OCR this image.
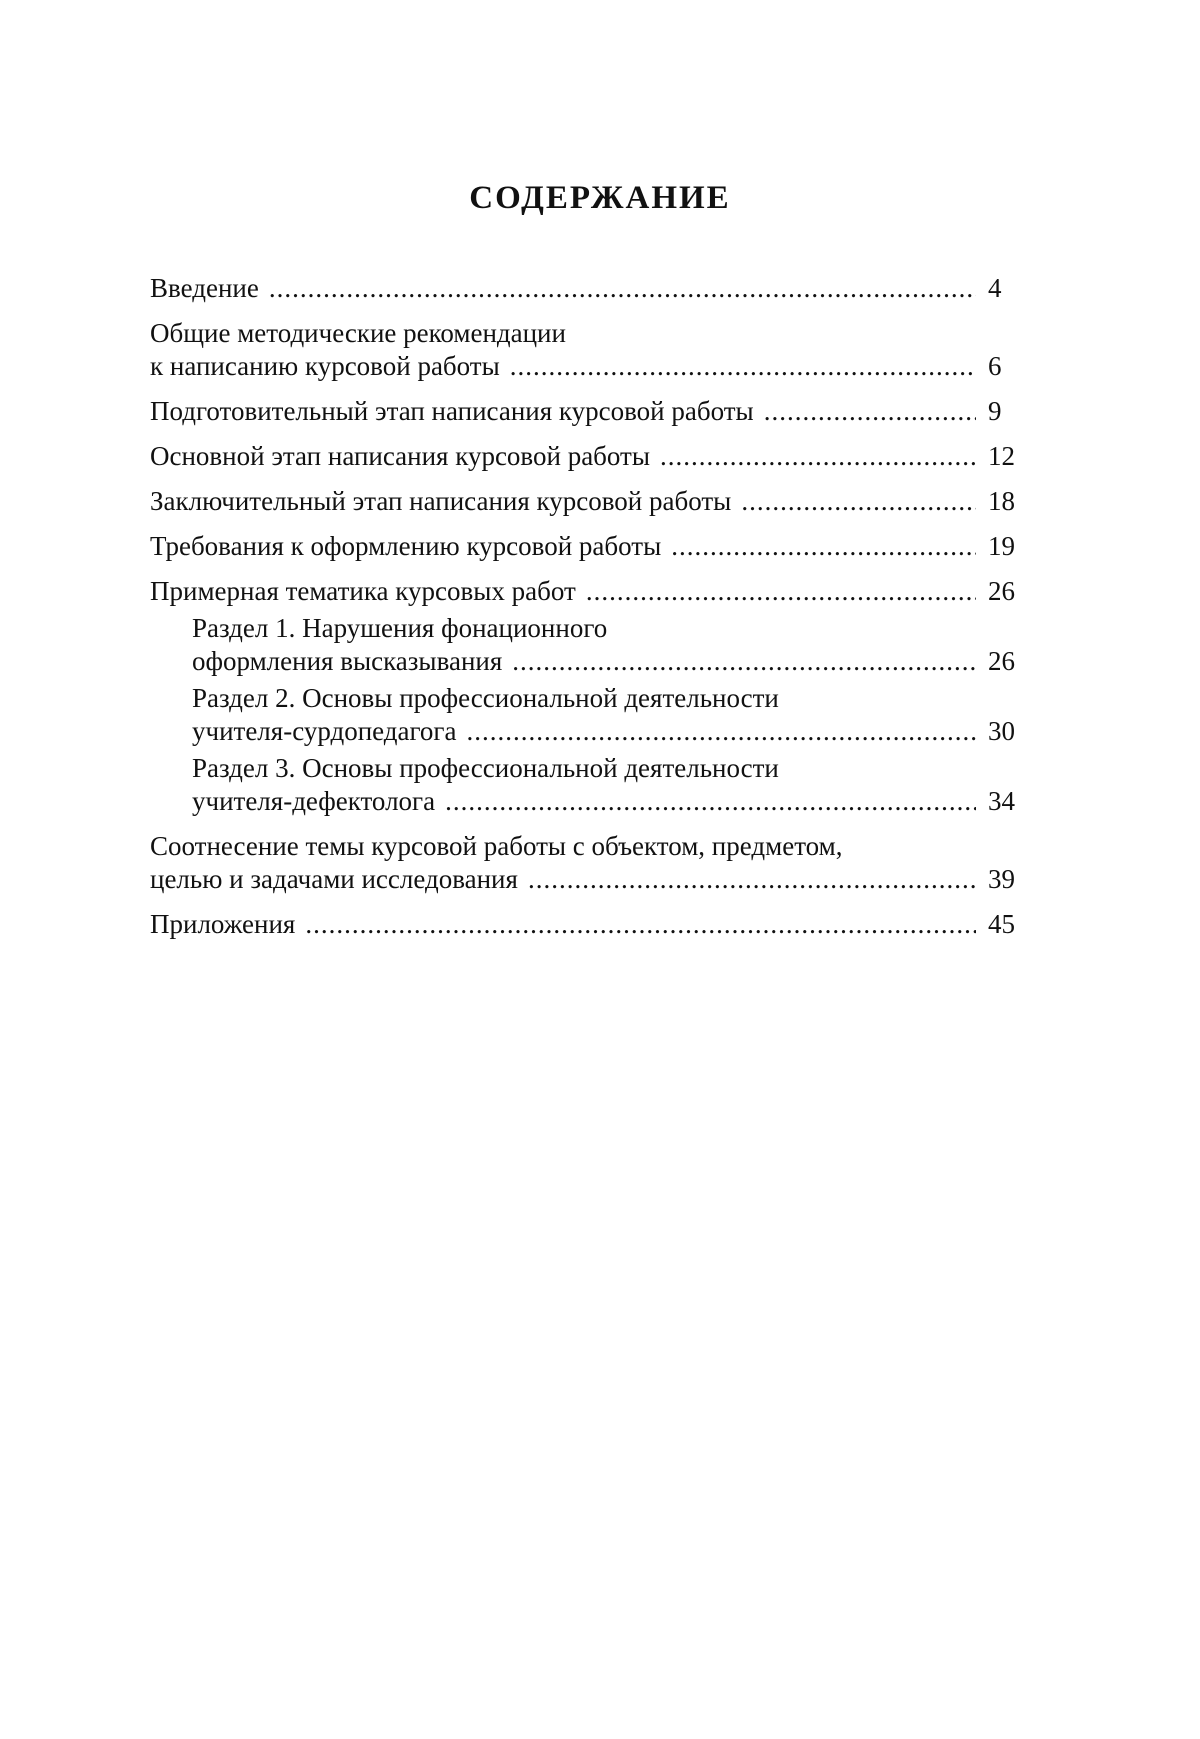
СОДЕРЖАНИЕ
Введение .....	4
Общие методические рекомендации
к написанию курсовой работы .....	6
Подготовительный этап написания курсовой работы .....	9
Основной этап написания курсовой работы .....	12
Заключительный этап написания курсовой работы .....	18
Требования к оформлению курсовой работы .....	19
Примерная тематика курсовых работ .....	26
Раздел 1. Нарушения фонационного
оформления высказывания .....	26
Раздел 2. Основы профессиональной деятельности
учителя-сурдопедагога .....	30
Раздел 3. Основы профессиональной деятельности
учителя-дефектолога .....	34
Соотнесение темы курсовой работы с объектом, предметом,
целью и задачами исследования .....	39
Приложения .....	45
